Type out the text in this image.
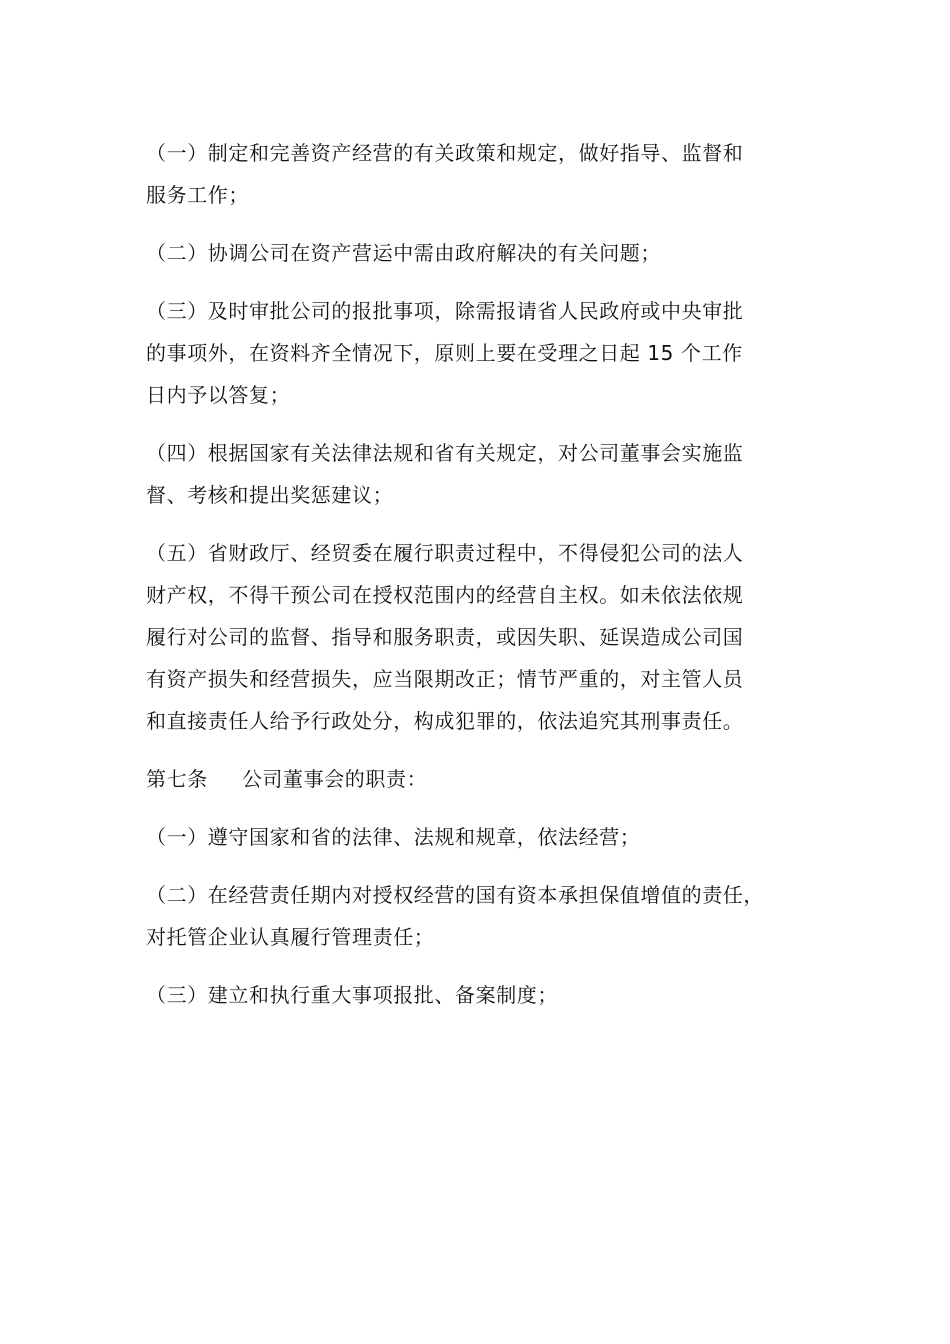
（一）制定和完善资产经营的有关政策和规定，做好指导、监督和
服务工作；

（二）协调公司在资产营运中需由政府解决的有关问题；

（三）及时审批公司的报批事项，除需报请省人民政府或中央审批
的事项外，在资料齐全情况下，原则上要在受理之日起 15 个工作
日内予以答复；

（四）根据国家有关法律法规和省有关规定，对公司董事会实施监
督、考核和提出奖惩建议；

（五）省财政厅、经贸委在履行职责过程中，不得侵犯公司的法人
财产权，不得干预公司在授权范围内的经营自主权。如未依法依规
履行对公司的监督、指导和服务职责，或因失职、延误造成公司国
有资产损失和经营损失，应当限期改正；情节严重的，对主管人员
和直接责任人给予行政处分，构成犯罪的，依法追究其刑事责任。

第七条 公司董事会的职责：

（一）遵守国家和省的法律、法规和规章，依法经营；

（二）在经营责任期内对授权经营的国有资本承担保值增值的责任，
对托管企业认真履行管理责任；

（三）建立和执行重大事项报批、备案制度；
